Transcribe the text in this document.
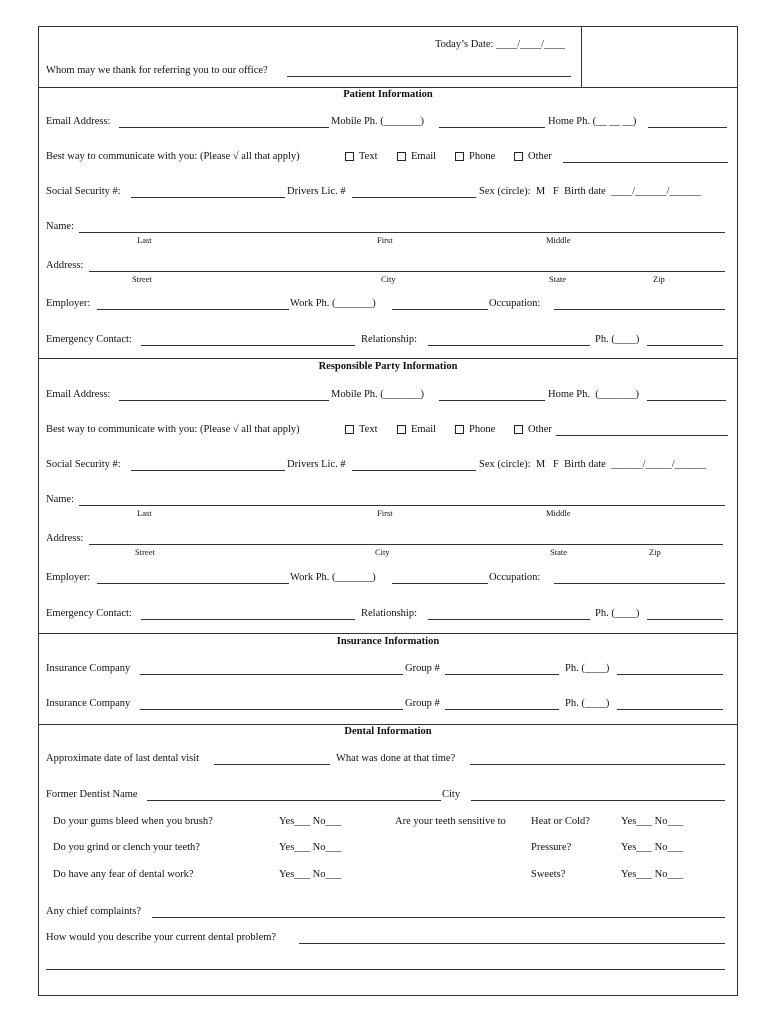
Today’s Date: ____/____/____
Whom may we thank for referring you to our office?
Patient Information
Email Address:	Mobile Ph. (_______)	Home Ph. (__ __ __)
Best way to communicate with you: (Please √ all that apply)	Text	Email	Phone	Other
Social Security #:	Drivers Lic. #	Sex (circle):  M   F  Birth date  ____/______/______
Name:
Last	First	Middle
Address:
Street	City	State	Zip
Employer:	Work Ph. (_______)	Occupation:
Emergency Contact:	Relationship:	Ph. (____)
Responsible Party Information
Email Address:	Mobile Ph. (_______)	Home Ph.  (_______)
Best way to communicate with you: (Please √ all that apply)	Text	Email	Phone	Other
Social Security #:	Drivers Lic. #	Sex (circle):  M   F  Birth date  ______/_____/______
Name:
Last	First	Middle
Address:
Street	City	State	Zip
Employer:	Work Ph. (_______)	Occupation:
Emergency Contact:	Relationship:	Ph. (____)
Insurance Information
Insurance Company	Group #	Ph. (____)
Insurance Company	Group #	Ph. (____)
Dental Information
Approximate date of last dental visit	What was done at that time?
Former Dentist Name	City
Do your gums bleed when you brush?	Yes___ No___	Are your teeth sensitive to Heat or Cold?	Yes___ No___
Do you grind or clench your teeth?	Yes___ No___	Pressure?	Yes___ No___
Do have any fear of dental work?	Yes___ No___	Sweets?	Yes___ No___
Any chief complaints?
How would you describe your current dental problem?
